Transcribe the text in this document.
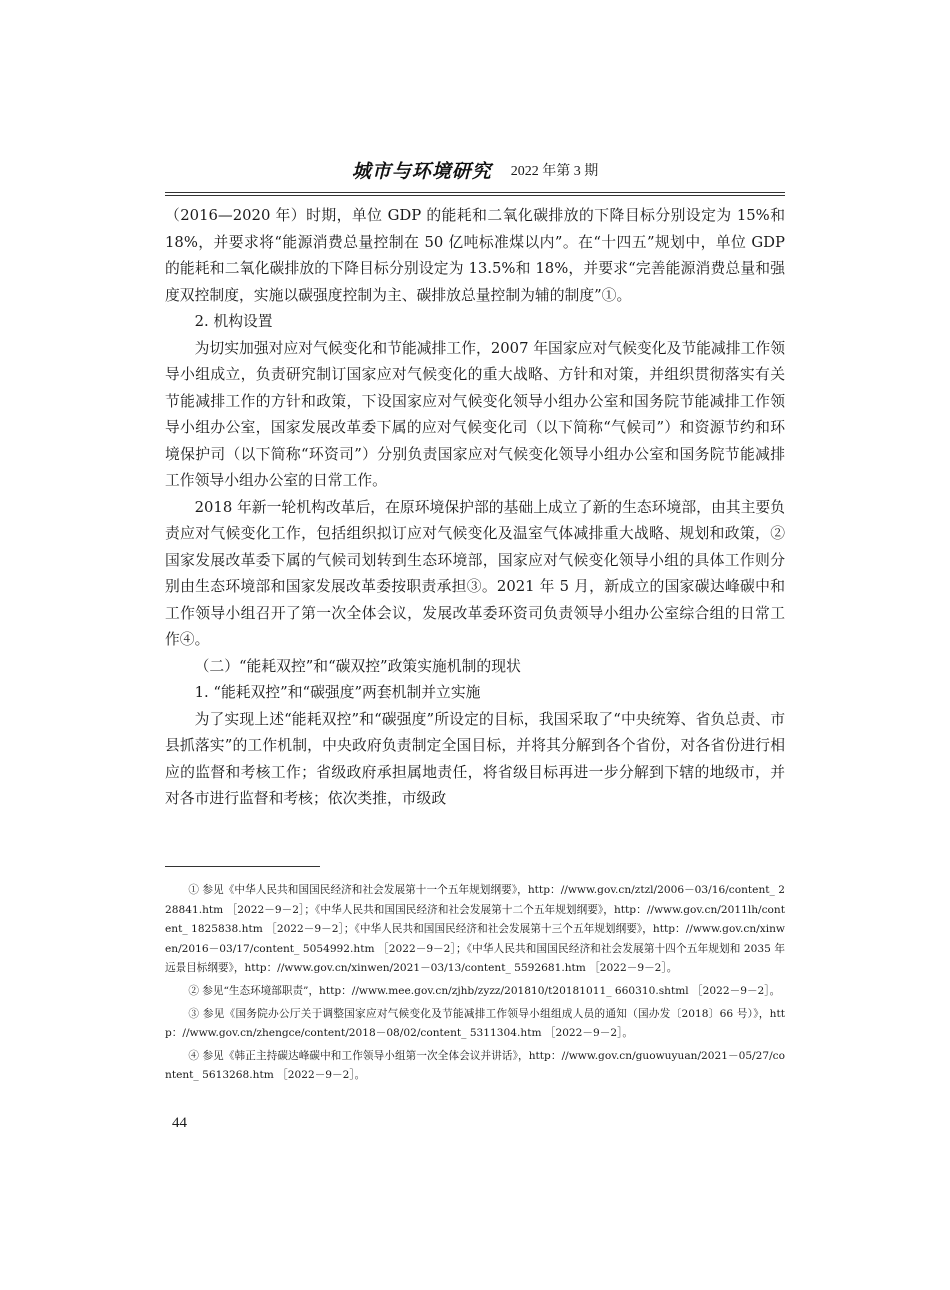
城市与环境研究 2022 年第 3 期

（2016—2020 年）时期，单位 GDP 的能耗和二氧化碳排放的下降目标分别设定为 15%和 18%，并要求将“能源消费总量控制在 50 亿吨标准煤以内”。在“十四五”规划中，单位 GDP 的能耗和二氧化碳排放的下降目标分别设定为 13.5%和 18%，并要求“完善能源消费总量和强度双控制度，实施以碳强度控制为主、碳排放总量控制为辅的制度”①。

2. 机构设置

为切实加强对应对气候变化和节能减排工作，2007 年国家应对气候变化及节能减排工作领导小组成立，负责研究制订国家应对气候变化的重大战略、方针和对策，并组织贯彻落实有关节能减排工作的方针和政策，下设国家应对气候变化领导小组办公室和国务院节能减排工作领导小组办公室，国家发展改革委下属的应对气候变化司（以下简称“气候司”）和资源节约和环境保护司（以下简称“环资司”）分别负责国家应对气候变化领导小组办公室和国务院节能减排工作领导小组办公室的日常工作。

2018 年新一轮机构改革后，在原环境保护部的基础上成立了新的生态环境部，由其主要负责应对气候变化工作，包括组织拟订应对气候变化及温室气体减排重大战略、规划和政策，② 国家发展改革委下属的气候司划转到生态环境部，国家应对气候变化领导小组的具体工作则分别由生态环境部和国家发展改革委按职责承担③。2021 年 5 月，新成立的国家碳达峰碳中和工作领导小组召开了第一次全体会议，发展改革委环资司负责领导小组办公室综合组的日常工作④。

（二）“能耗双控”和“碳双控”政策实施机制的现状

1. “能耗双控”和“碳强度”两套机制并立实施

为了实现上述“能耗双控”和“碳强度”所设定的目标，我国采取了“中央统筹、省负总责、市县抓落实”的工作机制，中央政府负责制定全国目标，并将其分解到各个省份，对各省份进行相应的监督和考核工作；省级政府承担属地责任，将省级目标再进一步分解到下辖的地级市，并对各市进行监督和考核；依次类推，市级政

① 参见《中华人民共和国国民经济和社会发展第十一个五年规划纲要》，http：//www.gov.cn/ztzl/2006－03/16/content_ 228841.htm ［2022－9－2］；《中华人民共和国国民经济和社会发展第十二个五年规划纲要》，http：//www.gov.cn/2011lh/content_ 1825838.htm ［2022－9－2］；《中华人民共和国国民经济和社会发展第十三个五年规划纲要》，http：//www.gov.cn/xinwen/2016－03/17/content_ 5054992.htm ［2022－9－2］；《中华人民共和国国民经济和社会发展第十四个五年规划和 2035 年远景目标纲要》，http：//www.gov.cn/xinwen/2021－03/13/content_ 5592681.htm ［2022－9－2］。

② 参见“生态环境部职责”，http：//www.mee.gov.cn/zjhb/zyzz/201810/t20181011_ 660310.shtml ［2022－9－2］。

③ 参见《国务院办公厅关于调整国家应对气候变化及节能减排工作领导小组组成人员的通知（国办发〔2018〕66 号）》，http：//www.gov.cn/zhengce/content/2018－08/02/content_ 5311304.htm ［2022－9－2］。

④ 参见《韩正主持碳达峰碳中和工作领导小组第一次全体会议并讲话》，http：//www.gov.cn/guowuyuan/2021－05/27/content_ 5613268.htm ［2022－9－2］。

44
